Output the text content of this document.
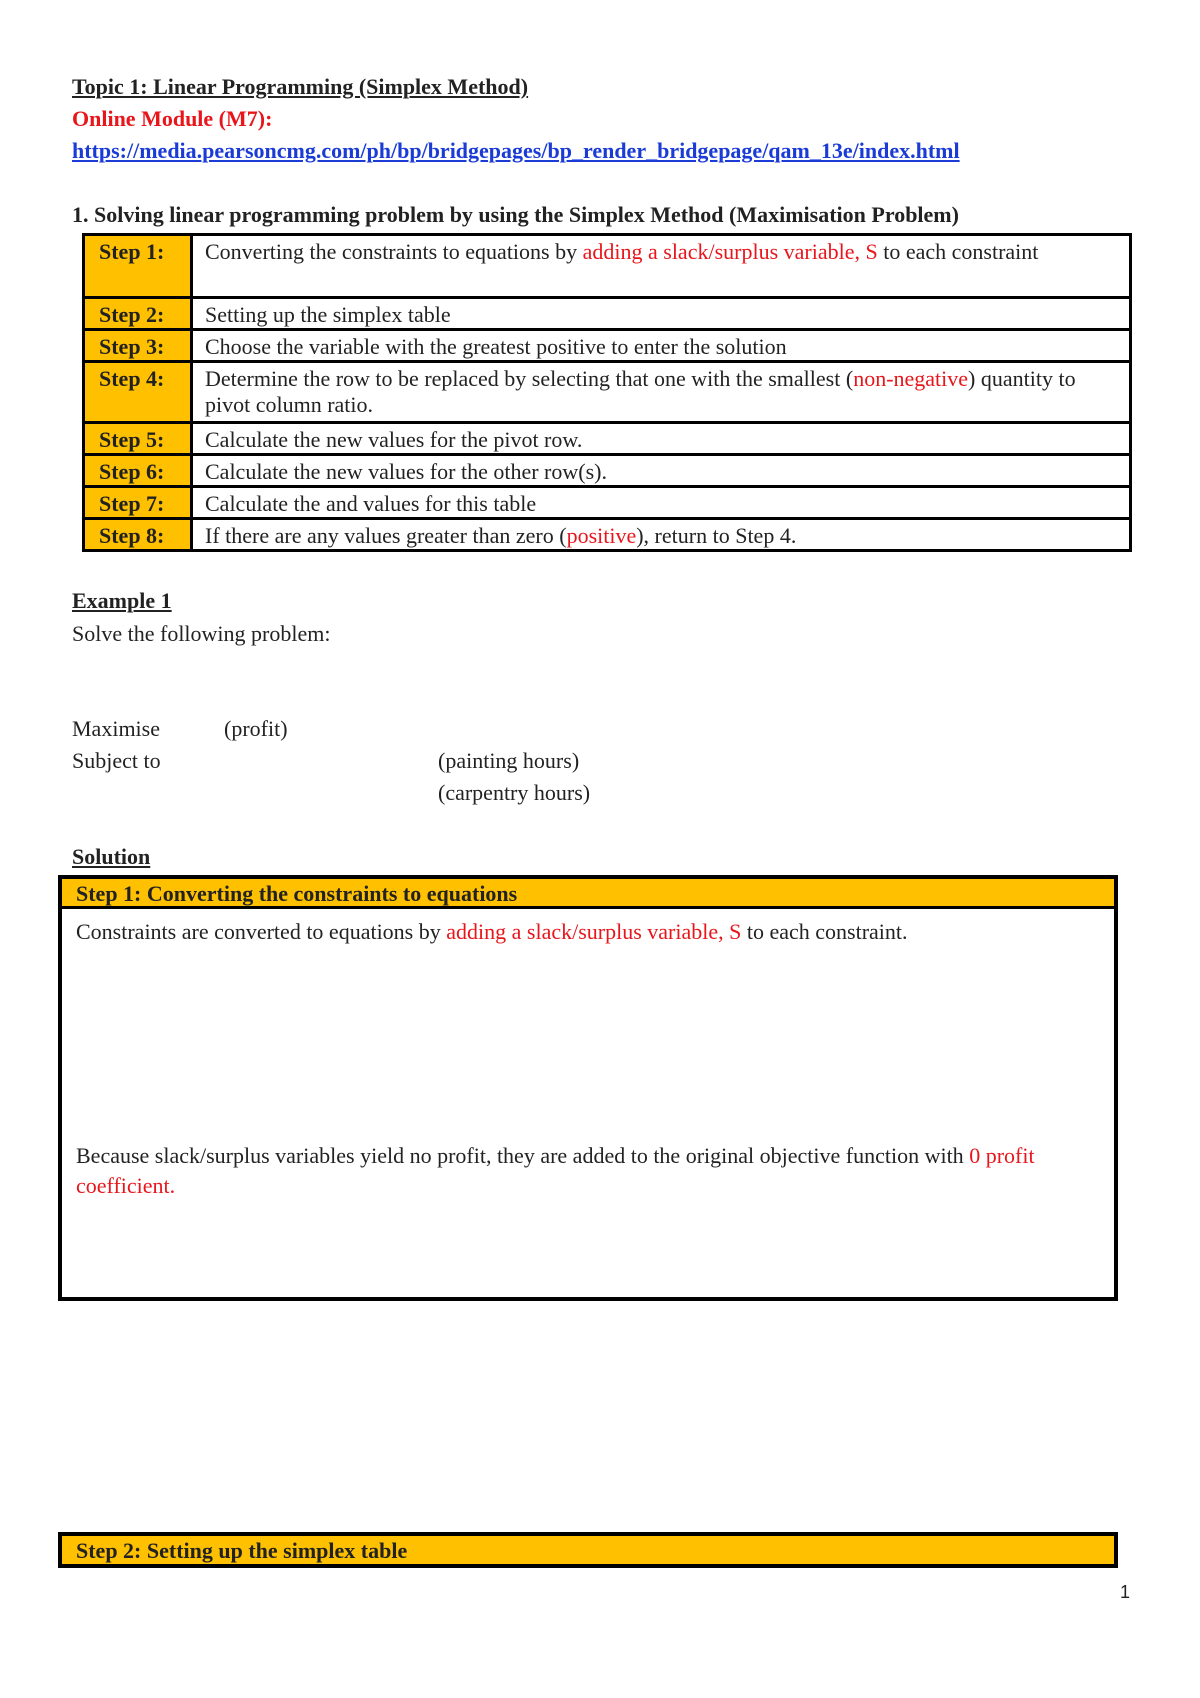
Topic 1: Linear Programming (Simplex Method)
Online Module (M7):
https://media.pearsoncmg.com/ph/bp/bridgepages/bp_render_bridgepage/qam_13e/index.html
1. Solving linear programming problem by using the Simplex Method (Maximisation Problem)
Step 1:	Converting the constraints to equations by adding a slack/surplus variable, S to each constraint
Step 2:	Setting up the simplex table
Step 3:	Choose the variable with the greatest positive to enter the solution
Step 4:	Determine the row to be replaced by selecting that one with the smallest (non-negative) quantity to pivot column ratio.
Step 5:	Calculate the new values for the pivot row.
Step 6:	Calculate the new values for the other row(s).
Step 7:	Calculate the and values for this table
Step 8:	If there are any values greater than zero (positive), return to Step 4.
Example 1
Solve the following problem:
Maximise	(profit)
Subject to	(painting hours)
(carpentry hours)
Solution
Step 1: Converting the constraints to equations
Constraints are converted to equations by adding a slack/surplus variable, S to each constraint.
Because slack/surplus variables yield no profit, they are added to the original objective function with 0 profit coefficient.
Step 2: Setting up the simplex table
1
